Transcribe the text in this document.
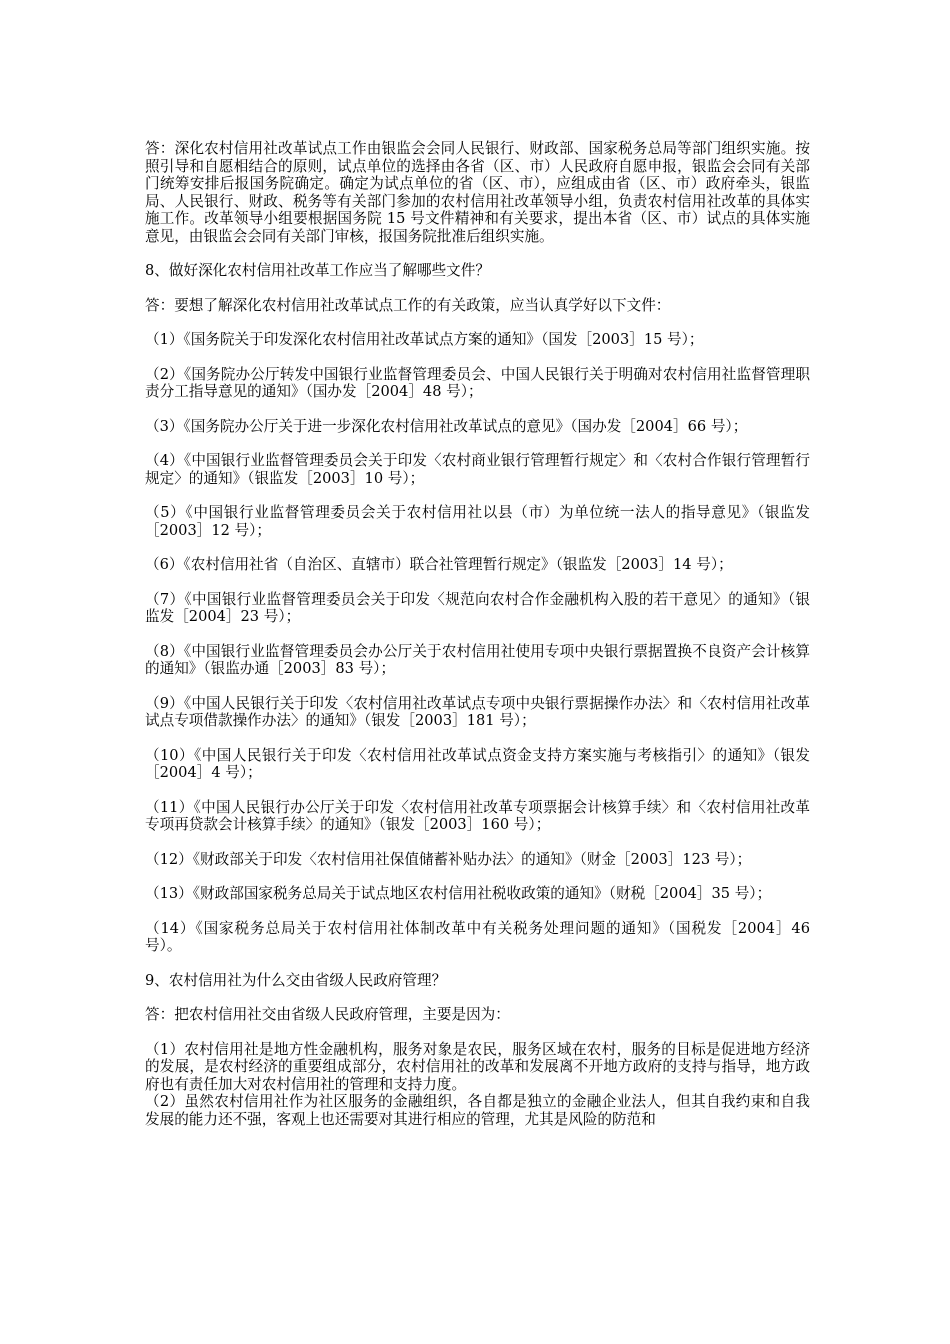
答：深化农村信用社改革试点工作由银监会会同人民银行、财政部、国家税务总局等部门组织实施。按照引导和自愿相结合的原则，试点单位的选择由各省（区、市）人民政府自愿申报，银监会会同有关部门统筹安排后报国务院确定。确定为试点单位的省（区、市），应组成由省（区、市）政府牵头，银监局、人民银行、财政、税务等有关部门参加的农村信用社改革领导小组，负责农村信用社改革的具体实施工作。改革领导小组要根据国务院 15 号文件精神和有关要求，提出本省（区、市）试点的具体实施意见，由银监会会同有关部门审核，报国务院批准后组织实施。

8、做好深化农村信用社改革工作应当了解哪些文件？

答：要想了解深化农村信用社改革试点工作的有关政策，应当认真学好以下文件：

（1）《国务院关于印发深化农村信用社改革试点方案的通知》（国发［2003］15 号）；

（2）《国务院办公厅转发中国银行业监督管理委员会、中国人民银行关于明确对农村信用社监督管理职责分工指导意见的通知》（国办发［2004］48 号）；

（3）《国务院办公厅关于进一步深化农村信用社改革试点的意见》（国办发［2004］66 号）；

（4）《中国银行业监督管理委员会关于印发〈农村商业银行管理暂行规定〉和〈农村合作银行管理暂行规定〉的通知》（银监发［2003］10 号）；

（5）《中国银行业监督管理委员会关于农村信用社以县（市）为单位统一法人的指导意见》（银监发［2003］12 号）；

（6）《农村信用社省（自治区、直辖市）联合社管理暂行规定》（银监发［2003］14 号）；

（7）《中国银行业监督管理委员会关于印发〈规范向农村合作金融机构入股的若干意见〉的通知》（银监发［2004］23 号）；

（8）《中国银行业监督管理委员会办公厅关于农村信用社使用专项中央银行票据置换不良资产会计核算的通知》（银监办通［2003］83 号）；

（9）《中国人民银行关于印发〈农村信用社改革试点专项中央银行票据操作办法〉和〈农村信用社改革试点专项借款操作办法〉的通知》（银发［2003］181 号）；

（10）《中国人民银行关于印发〈农村信用社改革试点资金支持方案实施与考核指引〉的通知》（银发［2004］4 号）；

（11）《中国人民银行办公厅关于印发〈农村信用社改革专项票据会计核算手续〉和〈农村信用社改革专项再贷款会计核算手续〉的通知》（银发［2003］160 号）；

（12）《财政部关于印发〈农村信用社保值储蓄补贴办法〉的通知》（财金［2003］123 号）；

（13）《财政部国家税务总局关于试点地区农村信用社税收政策的通知》（财税［2004］35 号）；

（14）《国家税务总局关于农村信用社体制改革中有关税务处理问题的通知》（国税发［2004］46 号）。

9、农村信用社为什么交由省级人民政府管理？

答：把农村信用社交由省级人民政府管理，主要是因为：

（1）农村信用社是地方性金融机构，服务对象是农民，服务区域在农村，服务的目标是促进地方经济的发展，是农村经济的重要组成部分，农村信用社的改革和发展离不开地方政府的支持与指导，地方政府也有责任加大对农村信用社的管理和支持力度。

（2）虽然农村信用社作为社区服务的金融组织，各自都是独立的金融企业法人，但其自我约束和自我发展的能力还不强，客观上也还需要对其进行相应的管理，尤其是风险的防范和
